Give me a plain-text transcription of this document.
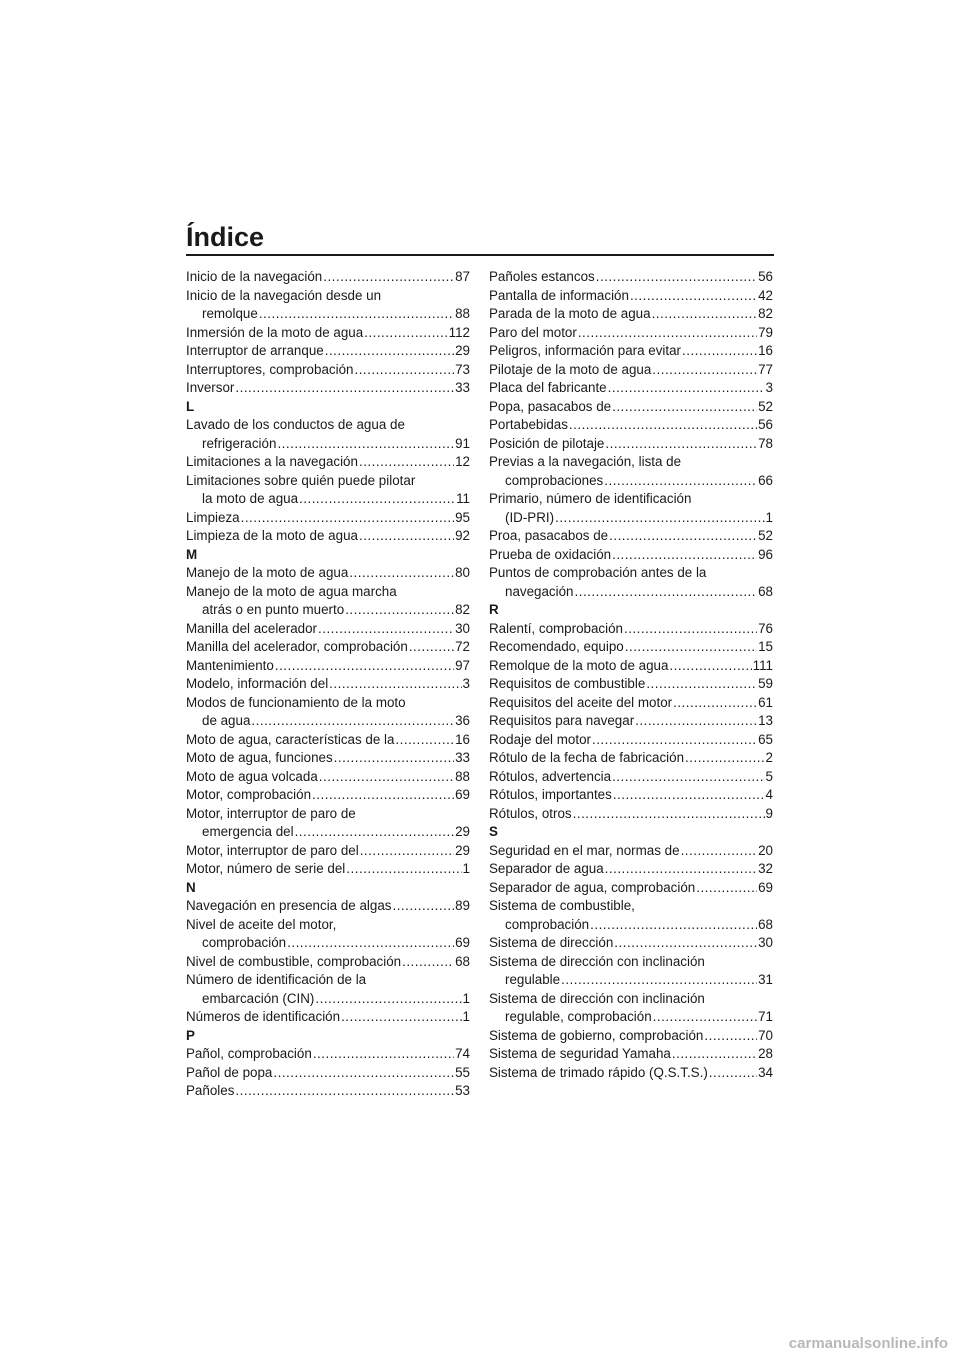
Índice
Inicio de la navegación .....	87
Inicio de la navegación desde un
remolque .....	88
Inmersión de la moto de agua .....	112
Interruptor de arranque .....	29
Interruptores, comprobación .....	73
Inversor .....	33
L
Lavado de los conductos de agua de
refrigeración .....	91
Limitaciones a la navegación .....	12
Limitaciones sobre quién puede pilotar
la moto de agua .....	11
Limpieza .....	95
Limpieza de la moto de agua .....	92
M
Manejo de la moto de agua .....	80
Manejo de la moto de agua marcha
atrás o en punto muerto .....	82
Manilla del acelerador .....	30
Manilla del acelerador, comprobación .....	72
Mantenimiento .....	97
Modelo, información del .....	3
Modos de funcionamiento de la moto
de agua .....	36
Moto de agua, características de la .....	16
Moto de agua, funciones .....	33
Moto de agua volcada .....	88
Motor, comprobación .....	69
Motor, interruptor de paro de
emergencia del .....	29
Motor, interruptor de paro del .....	29
Motor, número de serie del .....	1
N
Navegación en presencia de algas .....	89
Nivel de aceite del motor,
comprobación .....	69
Nivel de combustible, comprobación .....	68
Número de identificación de la
embarcación (CIN) .....	1
Números de identificación .....	1
P
Pañol, comprobación .....	74
Pañol de popa .....	55
Pañoles .....	53
Pañoles estancos .....	56
Pantalla de información .....	42
Parada de la moto de agua .....	82
Paro del motor .....	79
Peligros, información para evitar .....	16
Pilotaje de la moto de agua .....	77
Placa del fabricante .....	3
Popa, pasacabos de .....	52
Portabebidas .....	56
Posición de pilotaje .....	78
Previas a la navegación, lista de
comprobaciones .....	66
Primario, número de identificación
(ID-PRI) .....	1
Proa, pasacabos de .....	52
Prueba de oxidación .....	96
Puntos de comprobación antes de la
navegación .....	68
R
Ralentí, comprobación .....	76
Recomendado, equipo .....	15
Remolque de la moto de agua .....	111
Requisitos de combustible .....	59
Requisitos del aceite del motor .....	61
Requisitos para navegar .....	13
Rodaje del motor .....	65
Rótulo de la fecha de fabricación .....	2
Rótulos, advertencia .....	5
Rótulos, importantes .....	4
Rótulos, otros .....	9
S
Seguridad en el mar, normas de .....	20
Separador de agua .....	32
Separador de agua, comprobación .....	69
Sistema de combustible,
comprobación .....	68
Sistema de dirección .....	30
Sistema de dirección con inclinación
regulable .....	31
Sistema de dirección con inclinación
regulable, comprobación .....	71
Sistema de gobierno, comprobación .....	70
Sistema de seguridad Yamaha .....	28
Sistema de trimado rápido (Q.S.T.S.) .....	34
carmanualsonline.info
